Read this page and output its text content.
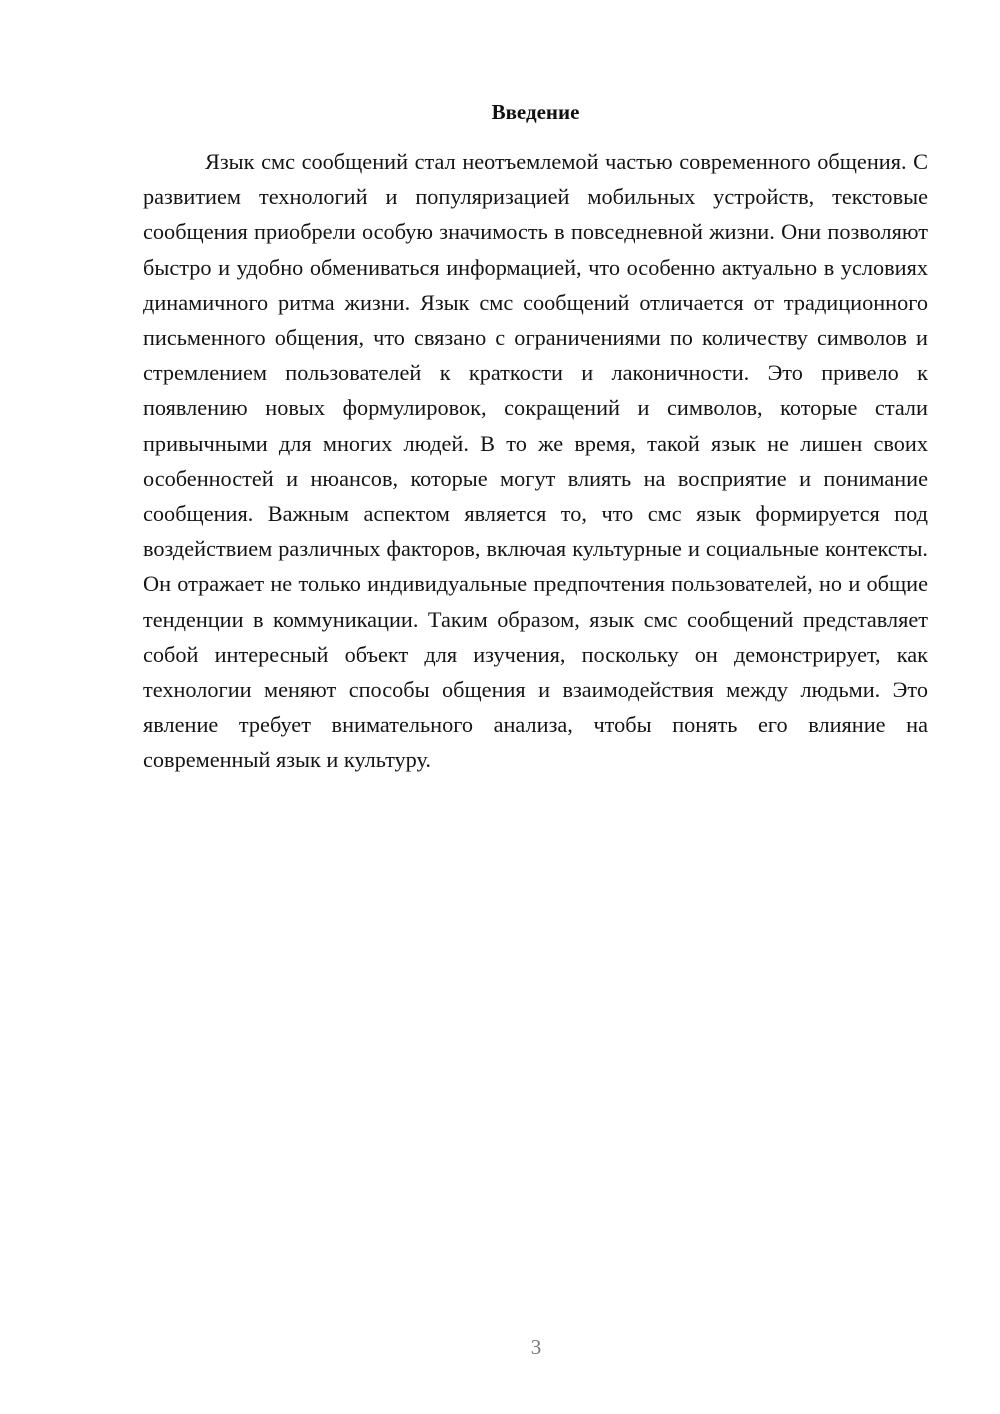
Введение

Язык смс сообщений стал неотъемлемой частью современного общения. С развитием технологий и популяризацией мобильных устройств, текстовые сообщения приобрели особую значимость в повседневной жизни. Они позволяют быстро и удобно обмениваться информацией, что особенно актуально в условиях динамичного ритма жизни. Язык смс сообщений отличается от традиционного письменного общения, что связано с ограничениями по количеству символов и стремлением пользователей к краткости и лаконичности. Это привело к появлению новых формулировок, сокращений и символов, которые стали привычными для многих людей. В то же время, такой язык не лишен своих особенностей и нюансов, которые могут влиять на восприятие и понимание сообщения. Важным аспектом является то, что смс язык формируется под воздействием различных факторов, включая культурные и социальные контексты. Он отражает не только индивидуальные предпочтения пользователей, но и общие тенденции в коммуникации. Таким образом, язык смс сообщений представляет собой интересный объект для изучения, поскольку он демонстрирует, как технологии меняют способы общения и взаимодействия между людьми. Это явление требует внимательного анализа, чтобы понять его влияние на современный язык и культуру.

3
